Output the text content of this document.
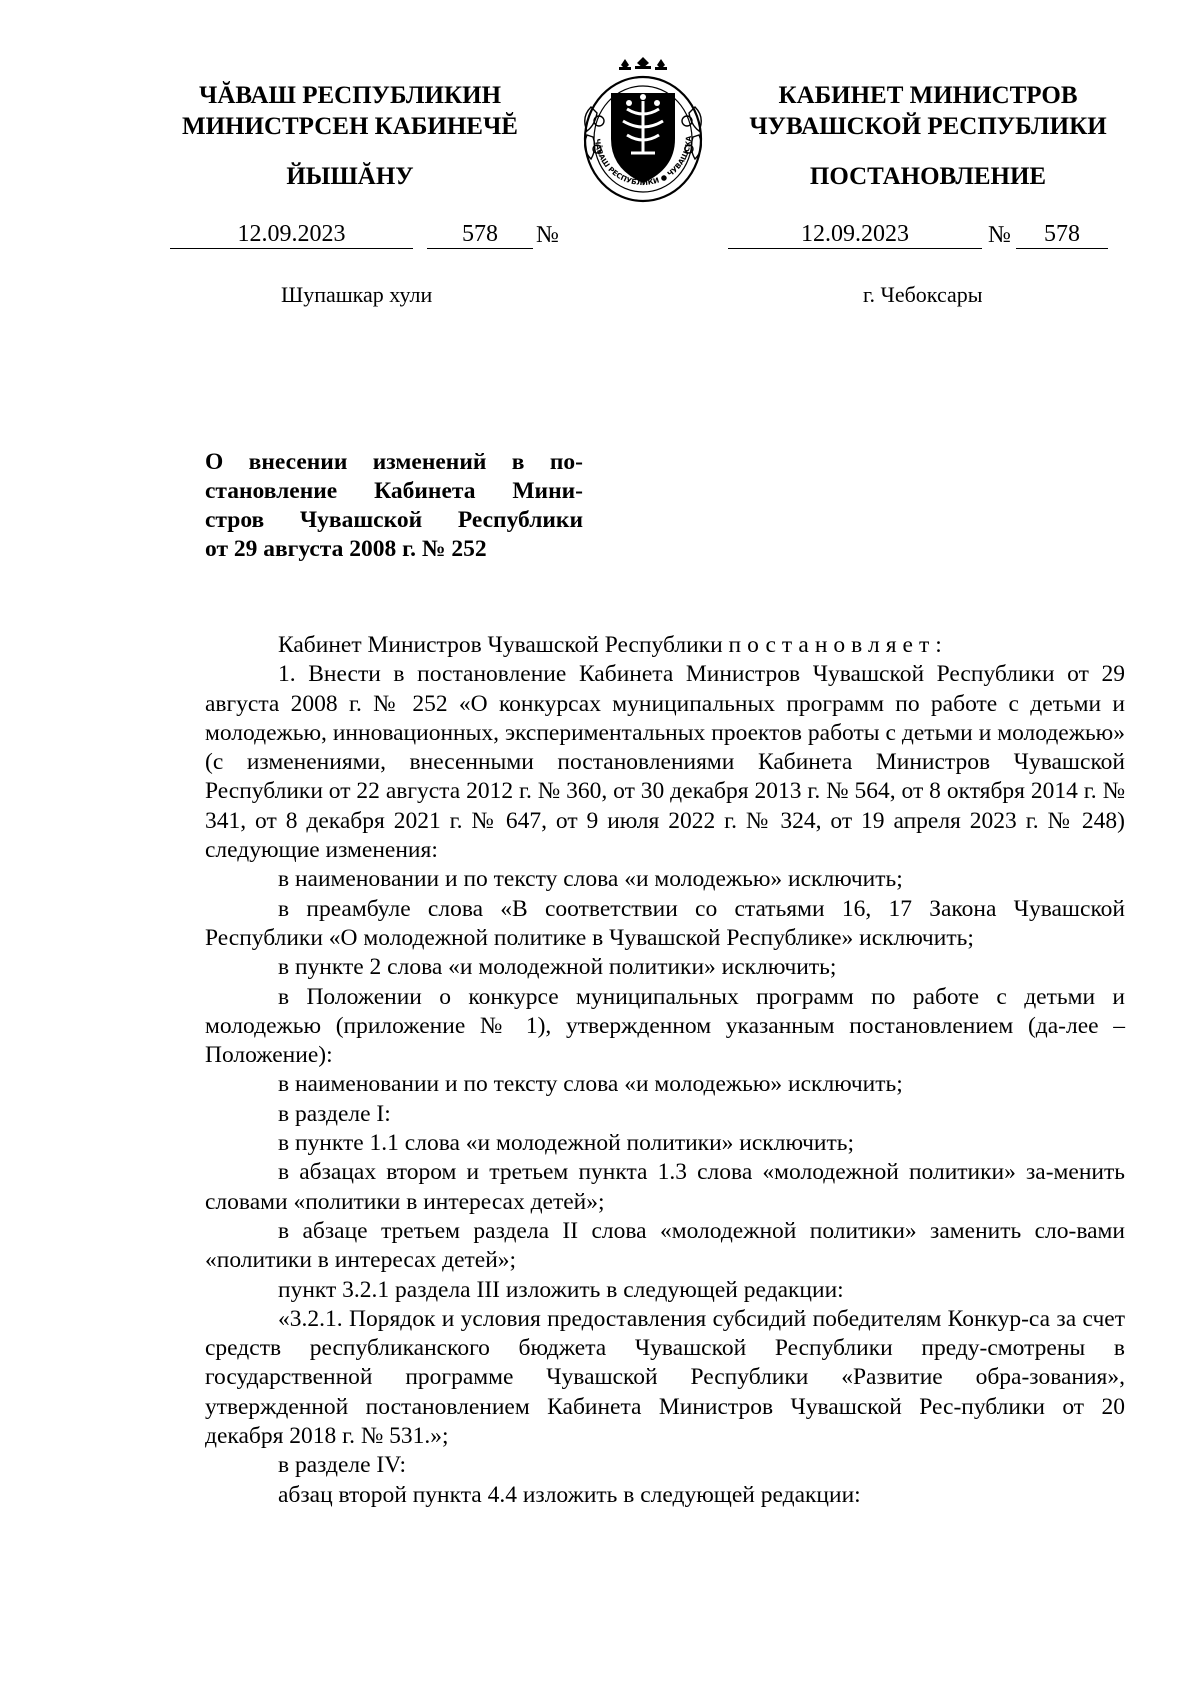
ЧĂВАШ РЕСПУБЛИКИН
МИНИСТРСЕН КАБИНЕЧĔ
ЙЫШĂНУ
ЧĂВАШ РЕСПУБЛИКИ ● ЧУВАШСКА
КАБИНЕТ МИНИСТРОВ
ЧУВАШСКОЙ РЕСПУБЛИКИ
ПОСТАНОВЛЕНИЕ
12.09.2023	578	№	12.09.2023	№	578
Шупашкар хули	г. Чебоксары
О внесении изменений в по-
становление Кабинета Мини-
стров Чувашской Республики
от 29 августа 2008 г. № 252

Кабинет Министров Чувашской Республики постановляет:

1. Внести в постановление Кабинета Министров Чувашской Республики от 29 августа 2008 г. № 252 «О конкурсах муниципальных программ по работе с детьми и молодежью, инновационных, экспериментальных проектов работы с детьми и молодежью» (с изменениями, внесенными постановлениями Кабинета Министров Чувашской Республики от 22 августа 2012 г. № 360, от 30 декабря 2013 г. № 564, от 8 октября 2014 г. № 341, от 8 декабря 2021 г. № 647, от 9 июля 2022 г. № 324, от 19 апреля 2023 г. № 248) следующие изменения:

в наименовании и по тексту слова «и молодежью» исключить;

в преамбуле слова «В соответствии со статьями 16, 17 Закона Чувашской Республики «О молодежной политике в Чувашской Республике» исключить;

в пункте 2 слова «и молодежной политики» исключить;

в Положении о конкурсе муниципальных программ по работе с детьми и молодежью (приложение № 1), утвержденном указанным постановлением (да-лее – Положение):

в наименовании и по тексту слова «и молодежью» исключить;

в разделе I:

в пункте 1.1 слова «и молодежной политики» исключить;

в абзацах втором и третьем пункта 1.3 слова «молодежной политики» за-менить словами «политики в интересах детей»;

в абзаце третьем раздела II слова «молодежной политики» заменить сло-вами «политики в интересах детей»;

пункт 3.2.1 раздела III изложить в следующей редакции:

«3.2.1. Порядок и условия предоставления субсидий победителям Конкур-са за счет средств республиканского бюджета Чувашской Республики преду-смотрены в государственной программе Чувашской Республики «Развитие обра-зования», утвержденной постановлением Кабинета Министров Чувашской Рес-публики от 20 декабря 2018 г. № 531.»;

в разделе IV:

абзац второй пункта 4.4 изложить в следующей редакции:
